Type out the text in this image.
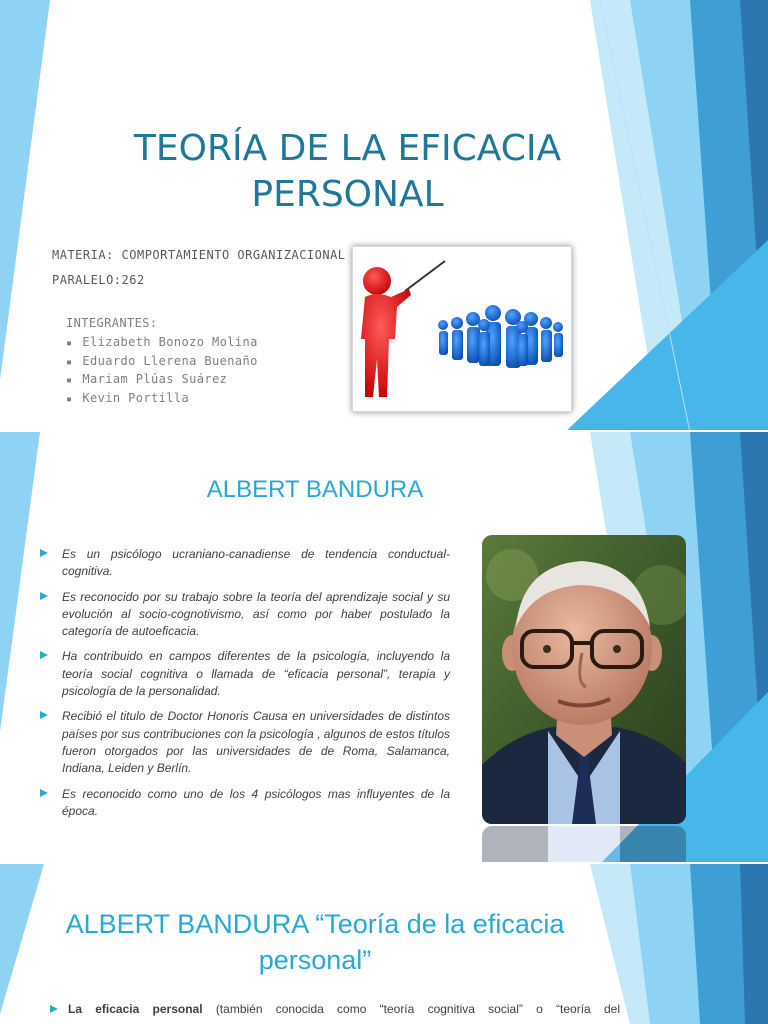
TEORÍA DE LA EFICACIA PERSONAL
MATERIA: COMPORTAMIENTO ORGANIZACIONAL
PARALELO:262
INTEGRANTES:
▪ Elizabeth Bonozo Molina
▪ Eduardo Llerena Buenaño
▪ Mariam Plúas Suárez
▪ Kevin Portilla
ALBERT BANDURA
Es un psicólogo ucraniano-canadiense de tendencia conductual-cognitiva.
Es reconocido por su trabajo sobre la teoría del aprendizaje social y su evolución al socio-cognotivismo, así como por haber postulado la categoría de autoeficacia.
Ha contribuido en campos diferentes de la psicología, incluyendo la teoría social cognitiva o llamada de “eficacia personal”, terapia y psicología de la personalidad.
Recibió el titulo de Doctor Honoris Causa en universidades de distintos países por sus contribuciones con la psicología , algunos de estos títulos fueron otorgados por las universidades de de Roma, Salamanca, Indiana, Leiden y Berlín.
Es reconocido como uno de los 4 psicólogos mas influyentes de la época.
ALBERT BANDURA “Teoría de la eficacia personal”
La eficacia personal (también conocida como “teoría cognitiva social” o “teoría del
